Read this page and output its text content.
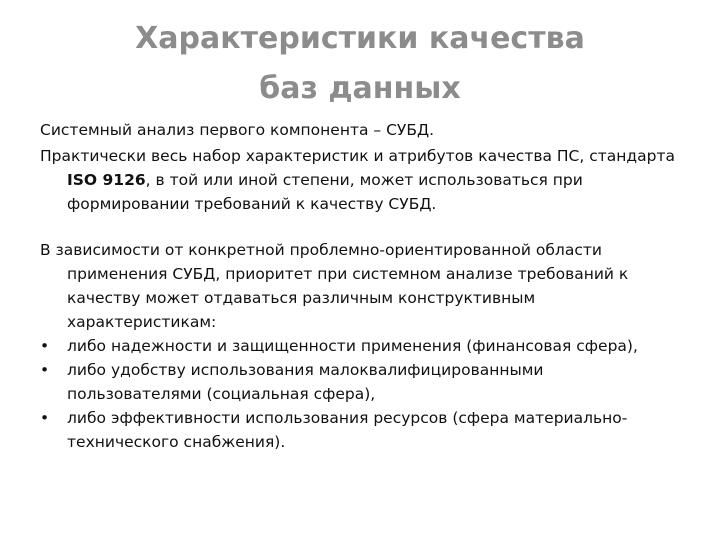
Характеристики качества
баз данных

Системный анализ первого компонента – СУБД.

Практически весь набор характеристик и атрибутов качества ПС, стандарта ISO 9126, в той или иной степени, может использоваться при формировании требований к качеству СУБД.

В зависимости от конкретной проблемно-ориентированной области применения СУБД, приоритет при системном анализе требований к качеству может отдаваться различным конструктивным характеристикам:

•	либо надежности и защищенности применения (финансовая сфера),
•	либо удобству использования малоквалифицированными пользователями (социальная сфера),
•	либо эффективности использования ресурсов (сфера материально-технического снабжения).
